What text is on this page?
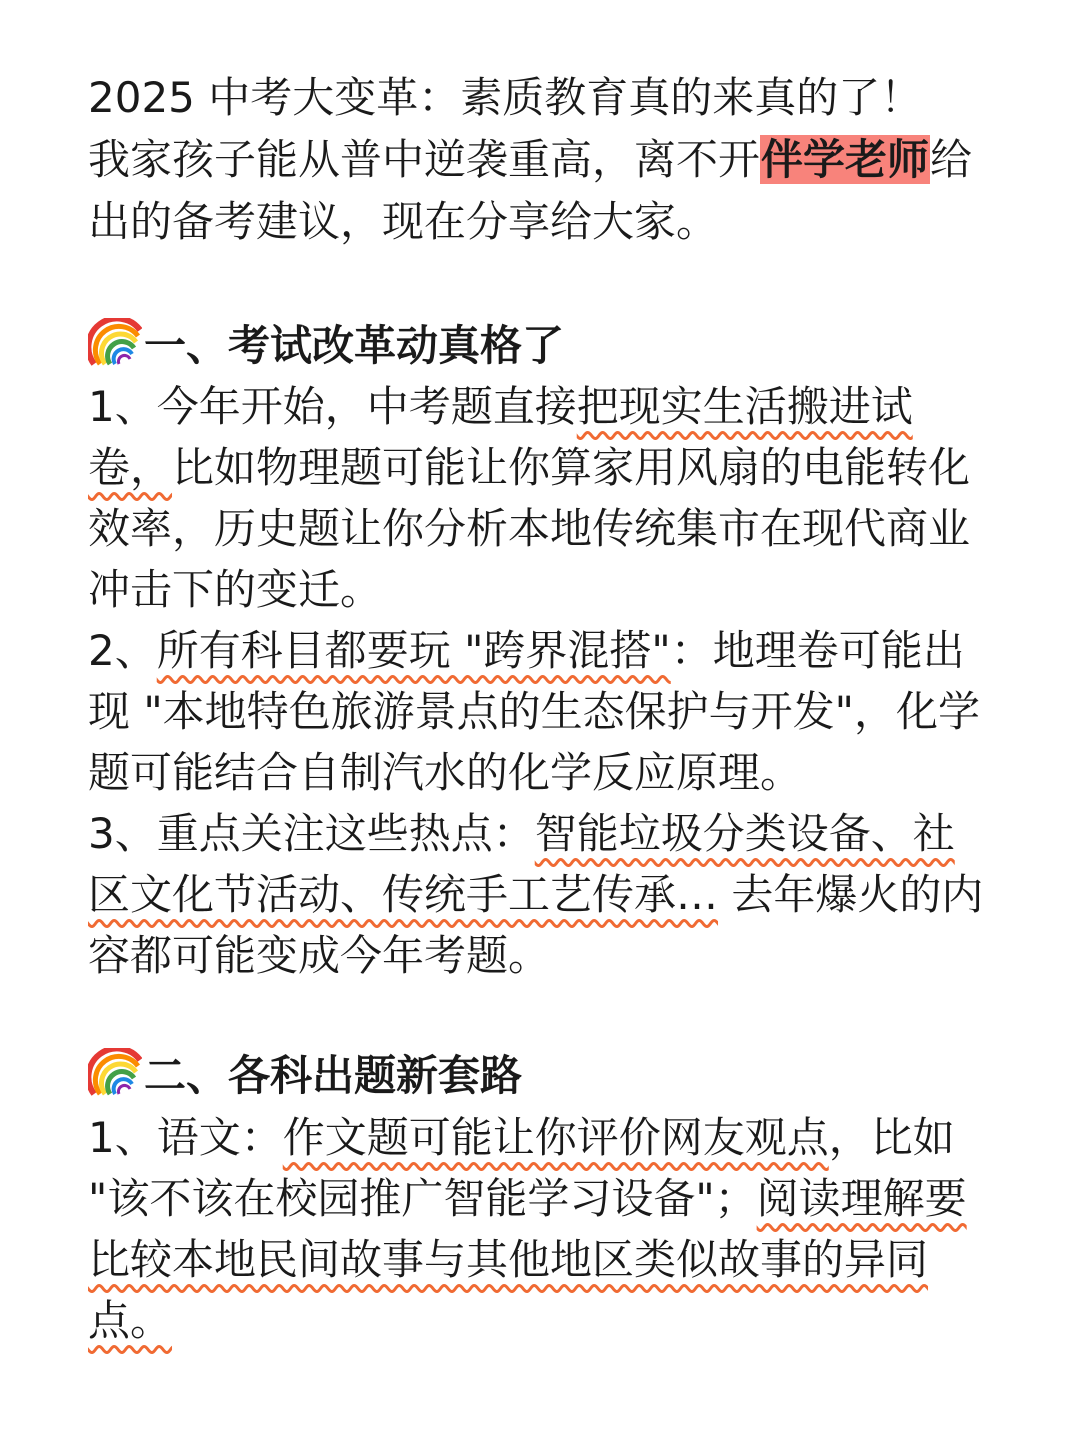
2025 中考大变革：素质教育真的来真的了！
我家孩子能从普中逆袭重高，离不开伴学老师给
出的备考建议，现在分享给大家。
一、考试改革动真格了
1、今年开始，中考题直接把现实生活搬进试
卷，比如物理题可能让你算家用风扇的电能转化
效率，历史题让你分析本地传统集市在现代商业
冲击下的变迁。
2、所有科目都要玩 "跨界混搭"：地理卷可能出
现 "本地特色旅游景点的生态保护与开发"，化学
题可能结合自制汽水的化学反应原理。
3、重点关注这些热点：智能垃圾分类设备、社
区文化节活动、传统手工艺传承… 去年爆火的内
容都可能变成今年考题。
二、各科出题新套路
1、语文：作文题可能让你评价网友观点，比如
"该不该在校园推广智能学习设备"；阅读理解要
比较本地民间故事与其他地区类似故事的异同
点。
